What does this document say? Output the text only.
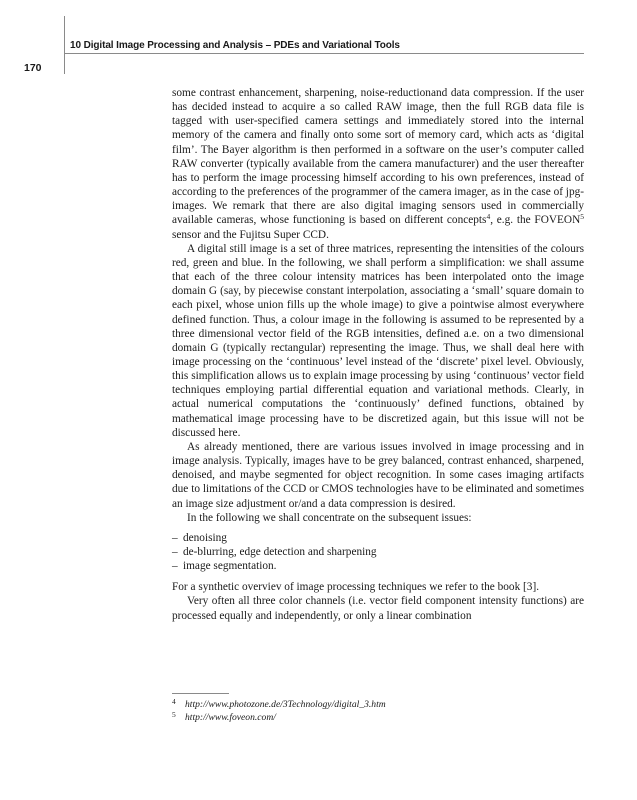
10 Digital Image Processing and Analysis – PDEs and Variational Tools
170

some contrast enhancement, sharpening, noise-reductionand data compression. If the user has decided instead to acquire a so called RAW image, then the full RGB data file is tagged with user-specified camera settings and immediately stored into the internal memory of the camera and finally onto some sort of memory card, which acts as ‘digital film’. The Bayer algorithm is then performed in a software on the user’s computer called RAW converter (typically available from the camera manufacturer) and the user thereafter has to perform the image processing himself according to his own preferences, instead of according to the preferences of the programmer of the camera imager, as in the case of jpg-images. We remark that there are also digital imaging sensors used in commercially available cameras, whose functioning is based on different concepts$^4$, e.g. the FOVEON$^5$ sensor and the Fujitsu Super CCD.

A digital still image is a set of three matrices, representing the intensities of the colours red, green and blue. In the following, we shall perform a simplification: we shall assume that each of the three colour intensity matrices has been interpolated onto the image domain G (say, by piecewise constant interpolation, associating a ‘small’ square domain to each pixel, whose union fills up the whole image) to give a pointwise almost everywhere defined function. Thus, a colour image in the following is assumed to be represented by a three dimensional vector field of the RGB intensities, defined a.e. on a two dimensional domain G (typically rectangular) representing the image. Thus, we shall deal here with image processing on the ‘continuous’ level instead of the ‘discrete’ pixel level. Obviously, this simplification allows us to explain image processing by using ‘continuous’ vector field techniques employing partial differential equation and variational methods. Clearly, in actual numerical computations the ‘continuously’ defined functions, obtained by mathematical image processing have to be discretized again, but this issue will not be discussed here.

As already mentioned, there are various issues involved in image processing and in image analysis. Typically, images have to be grey balanced, contrast enhanced, sharpened, denoised, and maybe segmented for object recognition. In some cases imaging artifacts due to limitations of the CCD or CMOS technologies have to be eliminated and sometimes an image size adjustment or/and a data compression is desired.

In the following we shall concentrate on the subsequent issues:

– denoising
– de-blurring, edge detection and sharpening
– image segmentation.

For a synthetic overviev of image processing techniques we refer to the book [3].

Very often all three color channels (i.e. vector field component intensity functions) are processed equally and independently, or only a linear combination

4 http://www.photozone.de/3Technology/digital_3.htm
5 http://www.foveon.com/
